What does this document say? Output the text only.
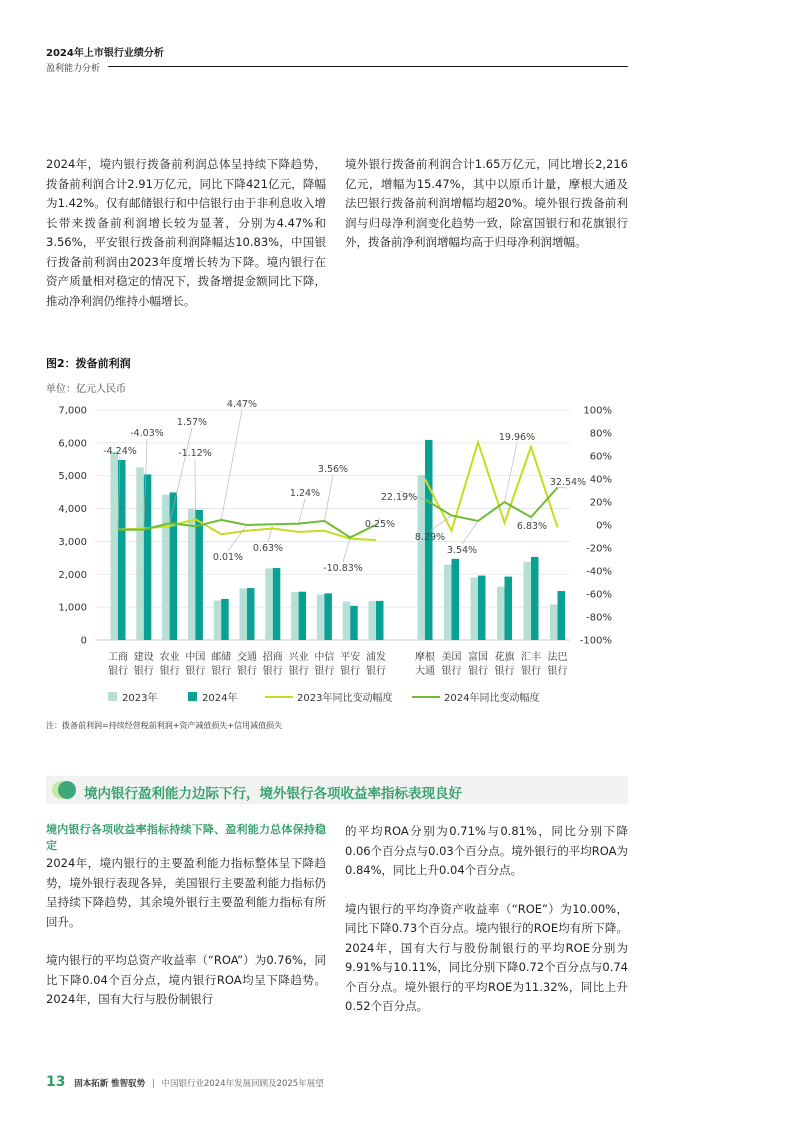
2024年上市银行业绩分析
盈利能力分析

2024年，境内银行拨备前利润总体呈持续下降趋势，拨备前利润合计2.91万亿元，同比下降421亿元，降幅为1.42%。仅有邮储银行和中信银行由于非利息收入增长带来拨备前利润增长较为显著，分别为4.47%和3.56%，平安银行拨备前利润降幅达10.83%，中国银行拨备前利润由2023年度增长转为下降。境内银行在资产质量相对稳定的情况下，拨备增提金额同比下降，推动净利润仍维持小幅增长。

境外银行拨备前利润合计1.65万亿元，同比增长2,216亿元，增幅为15.47%，其中以原币计量，摩根大通及法巴银行拨备前利润增幅均超20%。境外银行拨备前利润与归母净利润变化趋势一致，除富国银行和花旗银行外，拨备前净利润增幅均高于归母净利润增幅。

图2：拨备前利润
单位：亿元人民币
7,000
6,000
5,000
4,000
3,000
2,000
1,000
0
100%
80%
60%
40%
20%
0%
-20%
-40%
-60%
-80%
-100%
工商
银行
建设
银行
农业
银行
中国
银行
邮储
银行
交通
银行
招商
银行
兴业
银行
中信
银行
平安
银行
浦发
银行
摩根
大通
美国
银行
富国
银行
花旗
银行
汇丰
银行
法巴
银行
-4.24%
-4.03%
1.57%
-1.12%
4.47%
0.01%
0.63%
1.24%
3.56%
-10.83%
0.25%
22.19%
8.29%
3.54%
19.96%
6.83%
32.54%
2023年	2024年	2023年同比变动幅度	2024年同比变动幅度
注：拨备前利润=持续经营税前利润+资产减值损失+信用减值损失
境内银行盈利能力边际下行，境外银行各项收益率指标表现良好
境内银行各项收益率指标持续下降、盈利能力总体保持稳定

2024年，境内银行的主要盈利能力指标整体呈下降趋势，境外银行表现各异，美国银行主要盈利能力指标仍呈持续下降趋势，其余境外银行主要盈利能力指标有所回升。

境内银行的平均总资产收益率（“ROA”）为0.76%，同比下降0.04个百分点，境内银行ROA均呈下降趋势。2024年，国有大行与股份制银行

的平均ROA分别为0.71%与0.81%，同比分别下降0.06个百分点与0.03个百分点。境外银行的平均ROA为0.84%，同比上升0.04个百分点。

境内银行的平均净资产收益率（“ROE”）为10.00%，同比下降0.73个百分点。境内银行的ROE均有所下降。2024年，国有大行与股份制银行的平均ROE分别为9.91%与10.11%，同比分别下降0.72个百分点与0.74个百分点。境外银行的平均ROE为11.32%，同比上升0.52个百分点。

13 固本拓新 惟智驭势 | 中国银行业2024年发展回顾及2025年展望
